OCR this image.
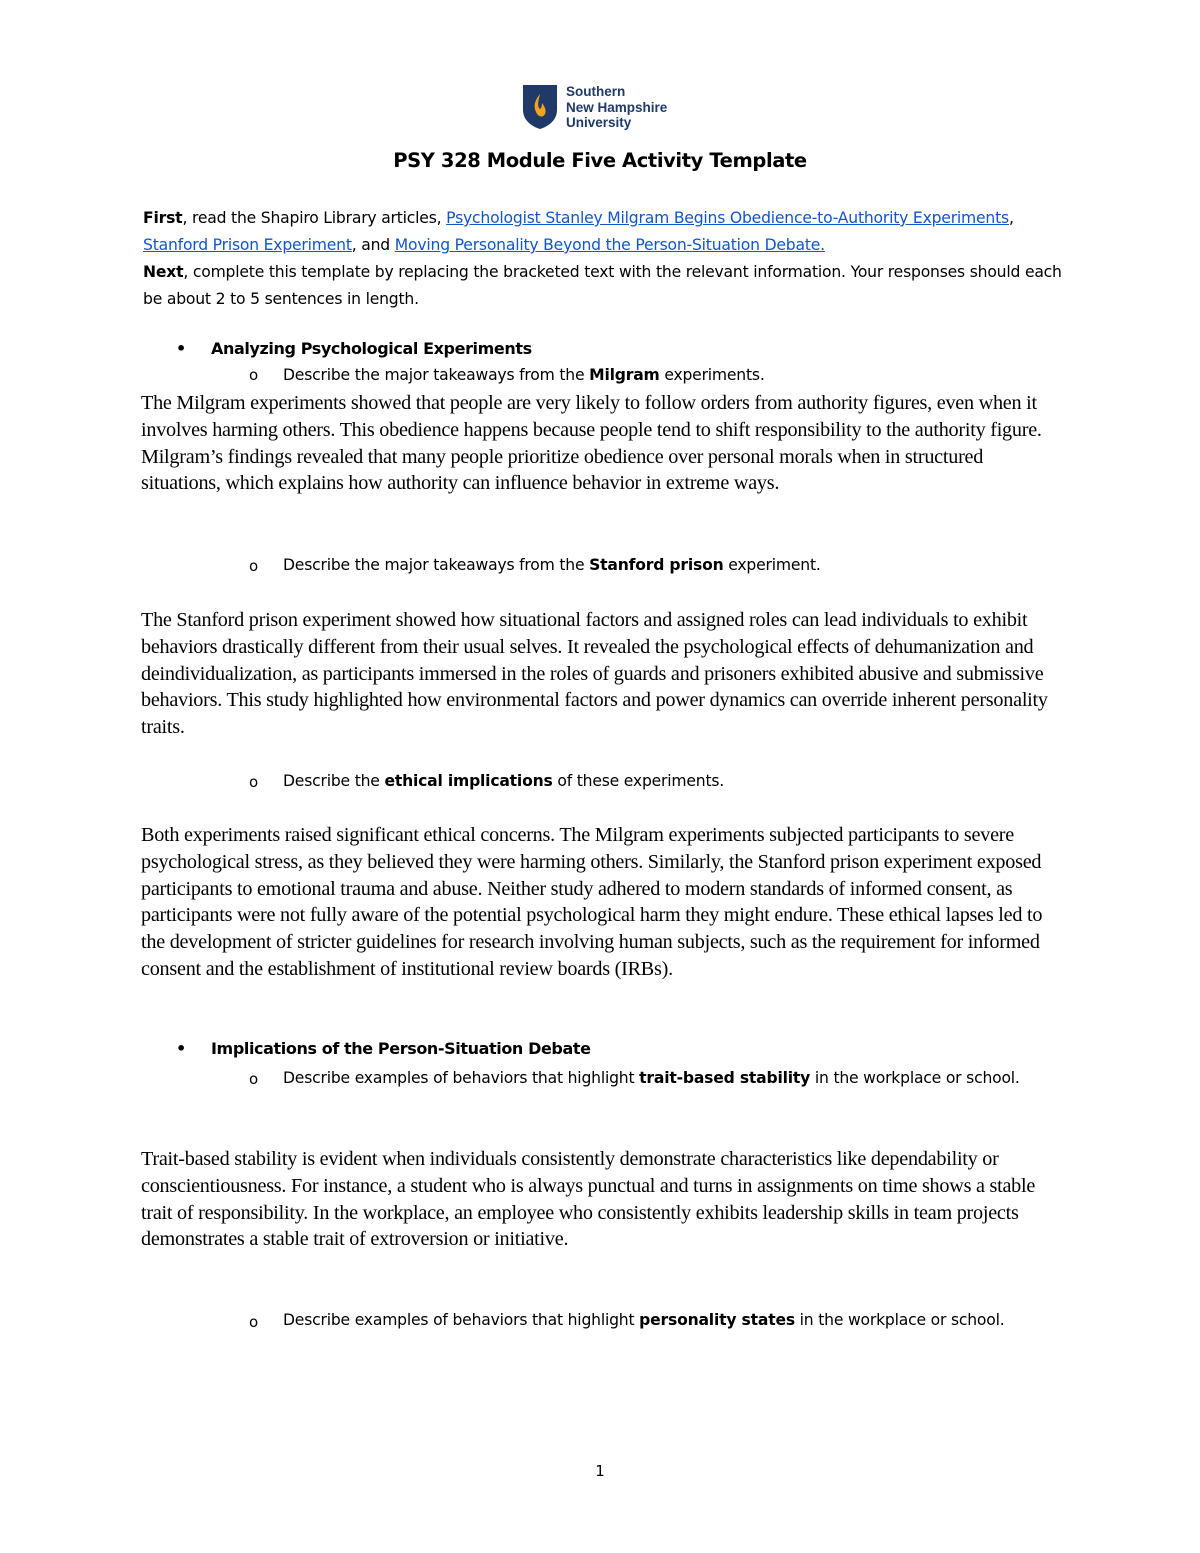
Southern
New Hampshire
University
PSY 328 Module Five Activity Template
First, read the Shapiro Library articles, Psychologist Stanley Milgram Begins Obedience-to-Authority Experiments, Stanford Prison Experiment, and Moving Personality Beyond the Person-Situation Debate.
Next, complete this template by replacing the bracketed text with the relevant information. Your responses should each be about 2 to 5 sentences in length.
• Analyzing Psychological Experiments
o Describe the major takeaways from the Milgram experiments.
The Milgram experiments showed that people are very likely to follow orders from authority figures, even when it involves harming others. This obedience happens because people tend to shift responsibility to the authority figure. Milgram’s findings revealed that many people prioritize obedience over personal morals when in structured situations, which explains how authority can influence behavior in extreme ways.
o Describe the major takeaways from the Stanford prison experiment.
The Stanford prison experiment showed how situational factors and assigned roles can lead individuals to exhibit behaviors drastically different from their usual selves. It revealed the psychological effects of dehumanization and deindividualization, as participants immersed in the roles of guards and prisoners exhibited abusive and submissive behaviors. This study highlighted how environmental factors and power dynamics can override inherent personality traits.
o Describe the ethical implications of these experiments.
Both experiments raised significant ethical concerns. The Milgram experiments subjected participants to severe psychological stress, as they believed they were harming others. Similarly, the Stanford prison experiment exposed participants to emotional trauma and abuse. Neither study adhered to modern standards of informed consent, as participants were not fully aware of the potential psychological harm they might endure. These ethical lapses led to the development of stricter guidelines for research involving human subjects, such as the requirement for informed consent and the establishment of institutional review boards (IRBs).
• Implications of the Person-Situation Debate
o Describe examples of behaviors that highlight trait-based stability in the workplace or school.
Trait-based stability is evident when individuals consistently demonstrate characteristics like dependability or conscientiousness. For instance, a student who is always punctual and turns in assignments on time shows a stable trait of responsibility. In the workplace, an employee who consistently exhibits leadership skills in team projects demonstrates a stable trait of extroversion or initiative.
o Describe examples of behaviors that highlight personality states in the workplace or school.
1
